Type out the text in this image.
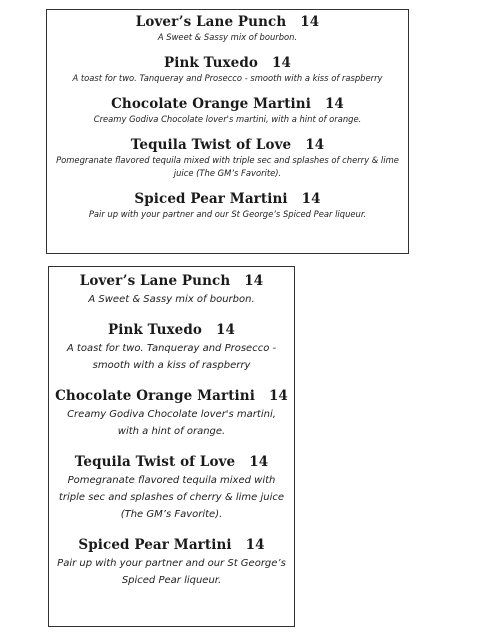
Lover’s Lane Punch 14
A Sweet & Sassy mix of bourbon.
Pink Tuxedo 14
A toast for two. Tanqueray and Prosecco - smooth with a kiss of raspberry
Chocolate Orange Martini 14
Creamy Godiva Chocolate lover's martini, with a hint of orange.
Tequila Twist of Love 14
Pomegranate flavored tequila mixed with triple sec and splashes of cherry & lime juice (The GM’s Favorite).
Spiced Pear Martini 14
Pair up with your partner and our St George’s Spiced Pear liqueur.
Lover’s Lane Punch 14
A Sweet & Sassy mix of bourbon.
Pink Tuxedo 14
A toast for two. Tanqueray and Prosecco - smooth with a kiss of raspberry
Chocolate Orange Martini 14
Creamy Godiva Chocolate lover's martini, with a hint of orange.
Tequila Twist of Love 14
Pomegranate flavored tequila mixed with triple sec and splashes of cherry & lime juice (The GM’s Favorite).
Spiced Pear Martini 14
Pair up with your partner and our St George’s Spiced Pear liqueur.
